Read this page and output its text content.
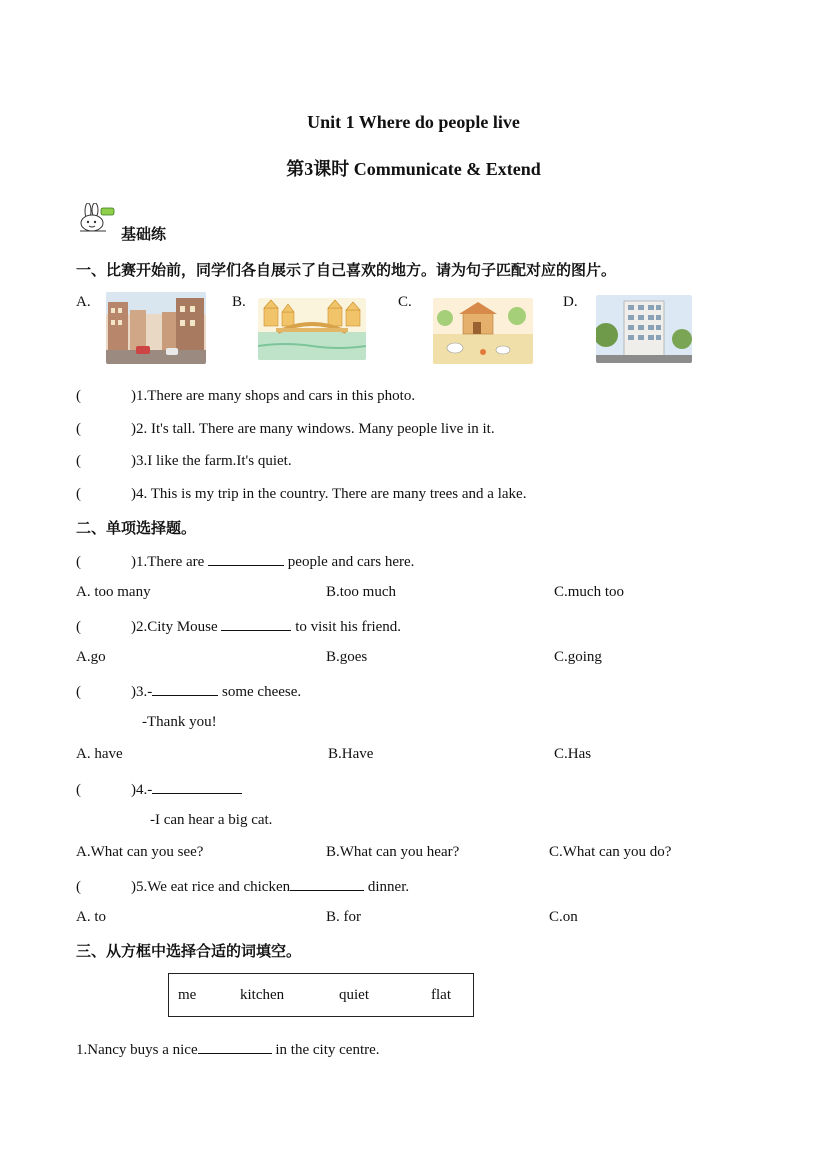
Unit 1 Where do people live
第3课时 Communicate & Extend
基础练
一、比赛开始前，同学们各自展示了自己喜欢的地方。请为句子匹配对应的图片。
A.	B.	C.	D.
(	)1.There are many shops and cars in this photo.
(	)2. It's tall. There are many windows. Many people live in it.
(	)3.I like the farm.It's quiet.
(	)4. This is my trip in the country. There are many trees and a lake.
二、单项选择题。
(	)1.There are	people and cars here.
A. too many	B.too much	C.much too
(	)2.City Mouse	to visit his friend.
A.go	B.goes	C.going
(	)3.-	some cheese.
-Thank you!
A. have	B.Have	C.Has
(	)4.-
-I can hear a big cat.
A.What can you see?	B.What can you hear?	C.What can you do?
(	)5.We eat rice and chicken	dinner.
A. to	B. for	C.on
三、从方框中选择合适的词填空。
me	kitchen	quiet	flat
1.Nancy buys a nice	in the city centre.
